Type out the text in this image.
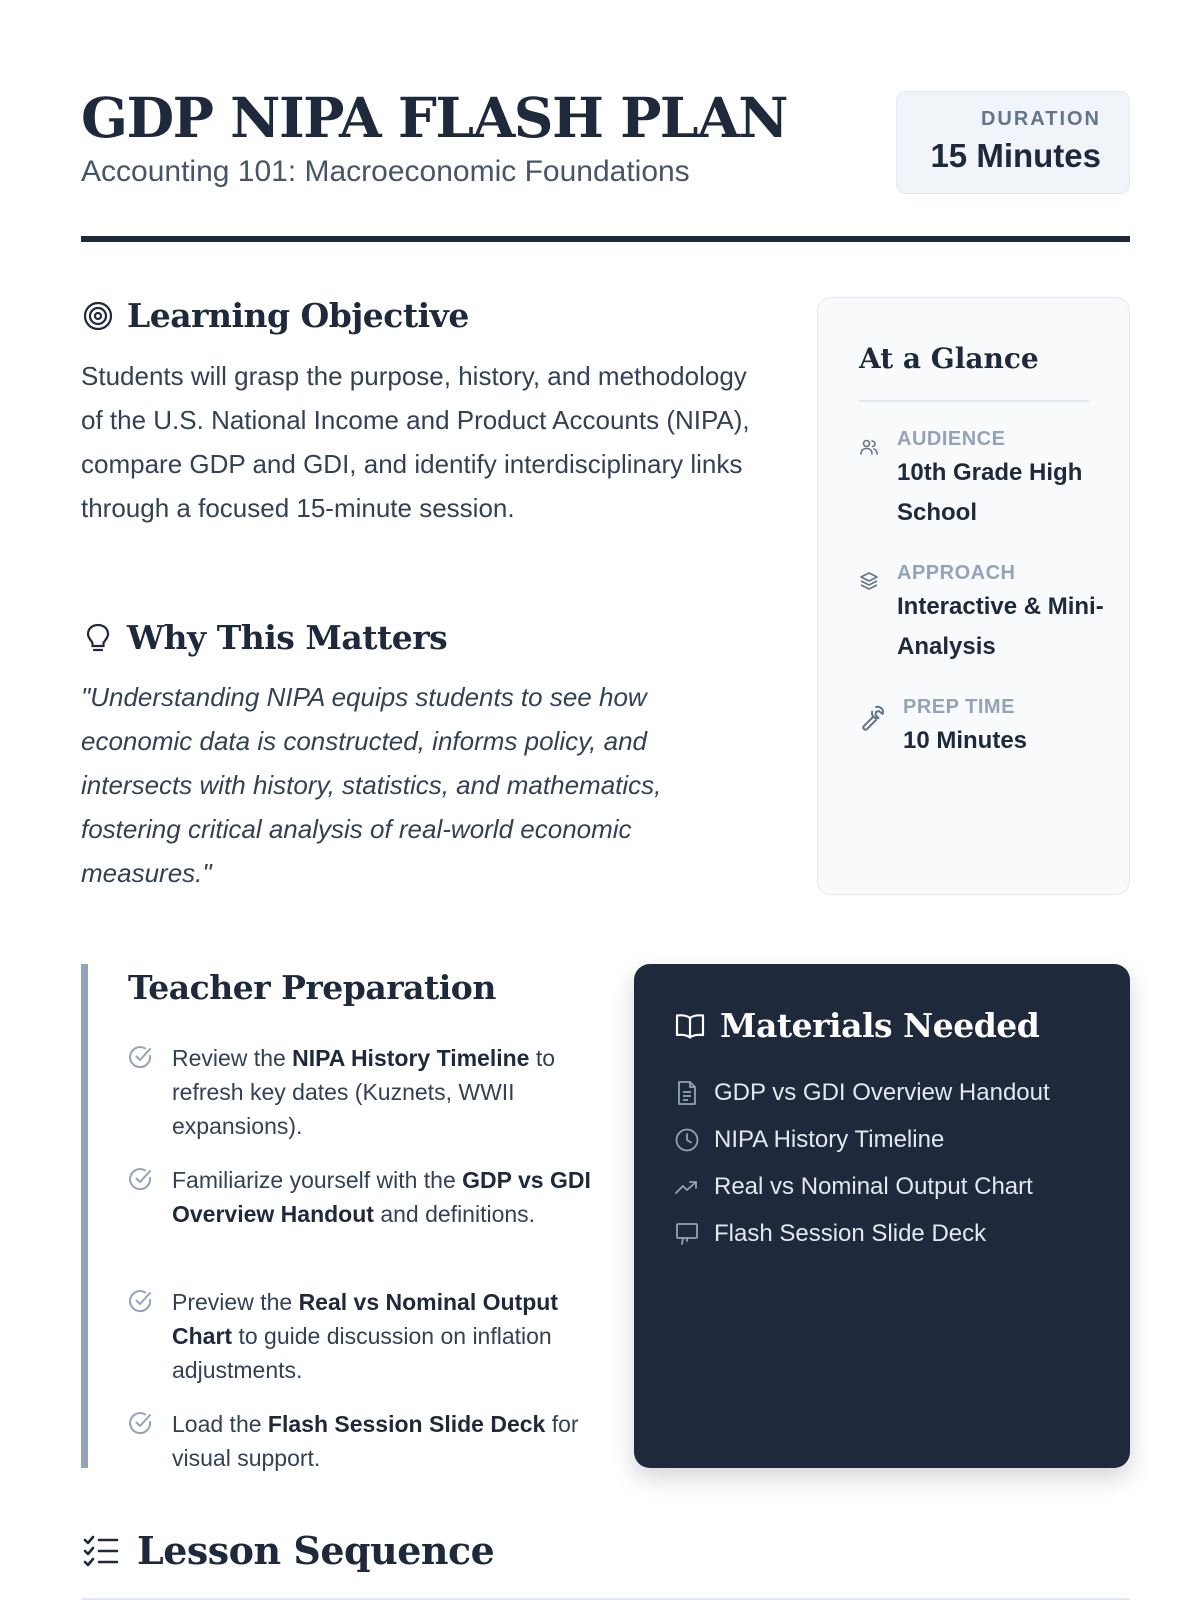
GDP NIPA FLASH PLAN
Accounting 101: Macroeconomic Foundations
DURATION
15 Minutes
Learning Objective

Students will grasp the purpose, history, and methodology of the U.S. National Income and Product Accounts (NIPA), compare GDP and GDI, and identify interdisciplinary links through a focused 15-minute session.

Why This Matters

"Understanding NIPA equips students to see how economic data is constructed, informs policy, and intersects with history, statistics, and mathematics, fostering critical analysis of real-world economic measures."

At a Glance
AUDIENCE
10th Grade High School
APPROACH
Interactive & Mini-Analysis
PREP TIME
10 Minutes
Teacher Preparation
Review the NIPA History Timeline to refresh key dates (Kuznets, WWII expansions).
Familiarize yourself with the GDP vs GDI Overview Handout and definitions.
Preview the Real vs Nominal Output Chart to guide discussion on inflation adjustments.
Load the Flash Session Slide Deck for visual support.
Materials Needed
GDP vs GDI Overview Handout
NIPA History Timeline
Real vs Nominal Output Chart
Flash Session Slide Deck
Lesson Sequence
